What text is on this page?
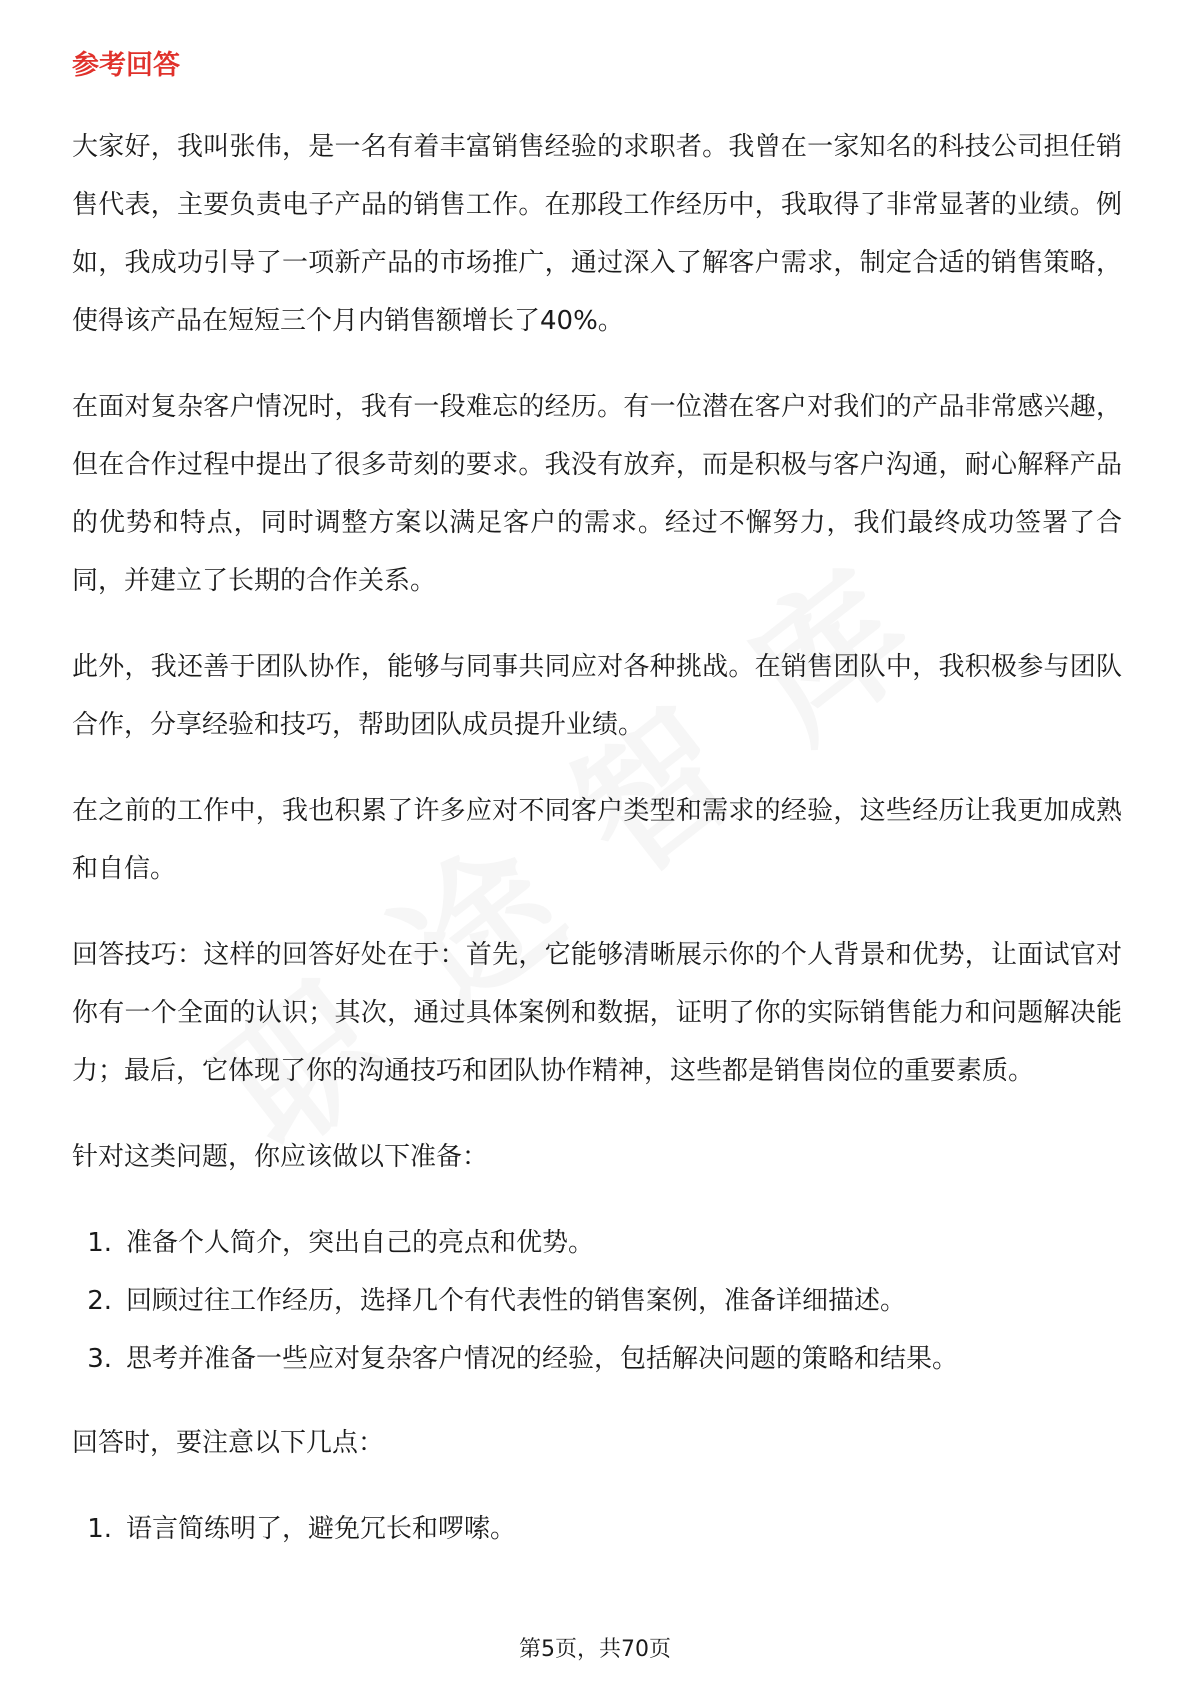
参考回答

大家好，我叫张伟，是一名有着丰富销售经验的求职者。我曾在一家知名的科技公司担任销售代表，主要负责电子产品的销售工作。在那段工作经历中，我取得了非常显著的业绩。例如，我成功引导了一项新产品的市场推广，通过深入了解客户需求，制定合适的销售策略，使得该产品在短短三个月内销售额增长了40%。

在面对复杂客户情况时，我有一段难忘的经历。有一位潜在客户对我们的产品非常感兴趣，但在合作过程中提出了很多苛刻的要求。我没有放弃，而是积极与客户沟通，耐心解释产品的优势和特点，同时调整方案以满足客户的需求。经过不懈努力，我们最终成功签署了合同，并建立了长期的合作关系。

此外，我还善于团队协作，能够与同事共同应对各种挑战。在销售团队中，我积极参与团队合作，分享经验和技巧，帮助团队成员提升业绩。

在之前的工作中，我也积累了许多应对不同客户类型和需求的经验，这些经历让我更加成熟和自信。

回答技巧：这样的回答好处在于：首先，它能够清晰展示你的个人背景和优势，让面试官对你有一个全面的认识；其次，通过具体案例和数据，证明了你的实际销售能力和问题解决能力；最后，它体现了你的沟通技巧和团队协作精神，这些都是销售岗位的重要素质。

针对这类问题，你应该做以下准备：

1. 准备个人简介，突出自己的亮点和优势。
2. 回顾过往工作经历，选择几个有代表性的销售案例，准备详细描述。
3. 思考并准备一些应对复杂客户情况的经验，包括解决问题的策略和结果。

回答时，要注意以下几点：

1. 语言简练明了，避免冗长和啰嗦。
第5页，共70页
